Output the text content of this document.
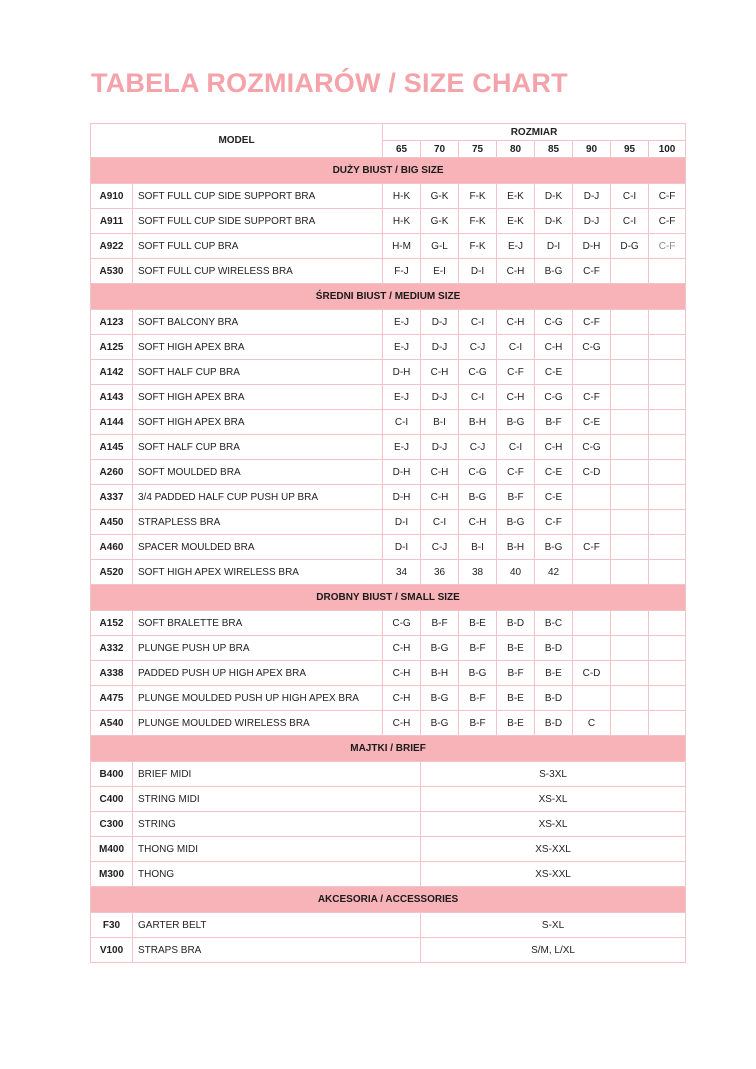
TABELA ROZMIARÓW / SIZE CHART
MODEL		ROZMIAR							
		65	70	75	80	85	90	95	100
DUŻY BIUST / BIG SIZE									
A910	SOFT FULL CUP SIDE SUPPORT BRA	H-K	G-K	F-K	E-K	D-K	D-J	C-I	C-F
A911	SOFT FULL CUP SIDE SUPPORT BRA	H-K	G-K	F-K	E-K	D-K	D-J	C-I	C-F
A922	SOFT FULL CUP BRA	H-M	G-L	F-K	E-J	D-I	D-H	D-G	C-F
A530	SOFT FULL CUP WIRELESS BRA	F-J	E-I	D-I	C-H	B-G	C-F		
ŚREDNI BIUST / MEDIUM SIZE									
A123	SOFT BALCONY BRA	E-J	D-J	C-I	C-H	C-G	C-F		
A125	SOFT HIGH APEX BRA	E-J	D-J	C-J	C-I	C-H	C-G		
A142	SOFT HALF CUP BRA	D-H	C-H	C-G	C-F	C-E			
A143	SOFT HIGH APEX BRA	E-J	D-J	C-I	C-H	C-G	C-F		
A144	SOFT HIGH APEX BRA	C-I	B-I	B-H	B-G	B-F	C-E		
A145	SOFT HALF CUP BRA	E-J	D-J	C-J	C-I	C-H	C-G		
A260	SOFT MOULDED BRA	D-H	C-H	C-G	C-F	C-E	C-D		
A337	3/4 PADDED HALF CUP PUSH UP BRA	D-H	C-H	B-G	B-F	C-E			
A450	STRAPLESS BRA	D-I	C-I	C-H	B-G	C-F			
A460	SPACER MOULDED BRA	D-I	C-J	B-I	B-H	B-G	C-F		
A520	SOFT HIGH APEX WIRELESS BRA	34	36	38	40	42			
DROBNY BIUST / SMALL SIZE									
A152	SOFT BRALETTE BRA	C-G	B-F	B-E	B-D	B-C			
A332	PLUNGE PUSH UP BRA	C-H	B-G	B-F	B-E	B-D			
A338	PADDED PUSH UP HIGH APEX BRA	C-H	B-H	B-G	B-F	B-E	C-D		
A475	PLUNGE MOULDED PUSH UP HIGH APEX BRA	C-H	B-G	B-F	B-E	B-D			
A540	PLUNGE MOULDED WIRELESS BRA	C-H	B-G	B-F	B-E	B-D	C		
MAJTKI / BRIEF									
B400	BRIEF MIDI		S-3XL						
C400	STRING MIDI		XS-XL						
C300	STRING		XS-XL						
M400	THONG MIDI		XS-XXL						
M300	THONG		XS-XXL						
AKCESORIA / ACCESSORIES									
F30	GARTER BELT		S-XL						
V100	STRAPS BRA		S/M, L/XL						
